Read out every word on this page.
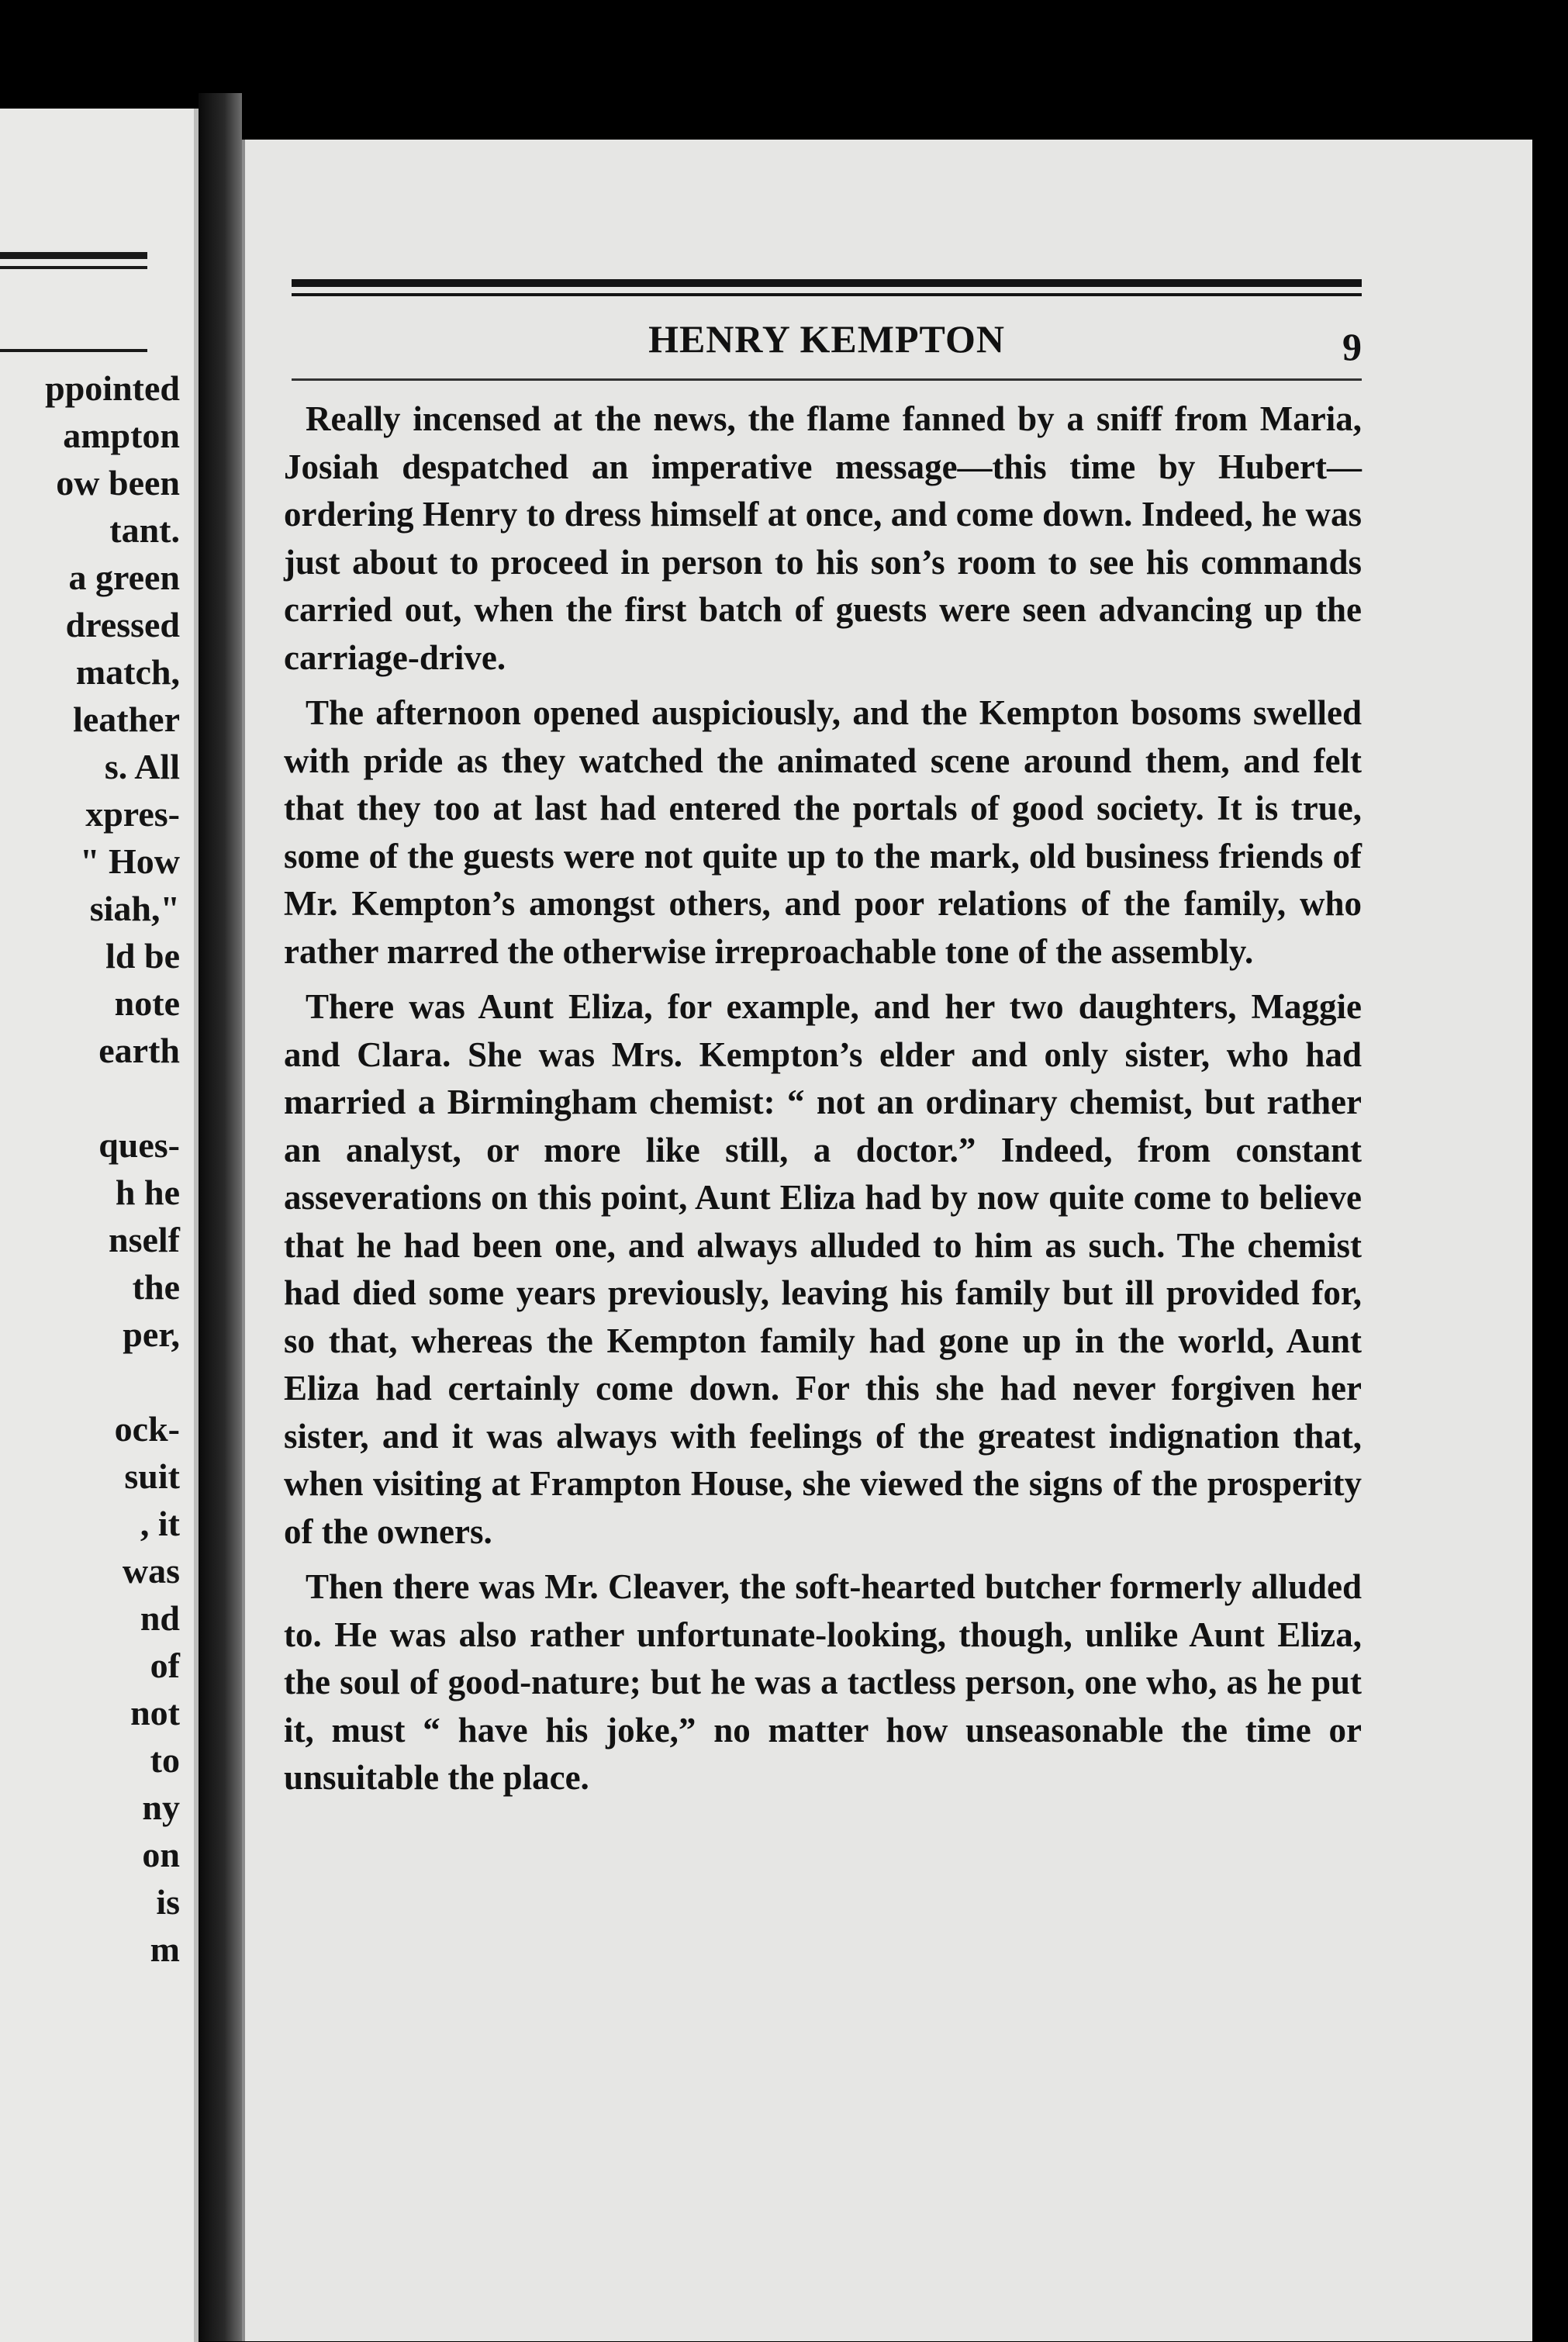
ppointed
ampton
ow been
tant.
a green
dressed
match,
leather
s. All
xpres-
" How
siah,"
ld be
note
earth
ques-
h he
nself
the
per,
ock-
suit
, it
was
nd
of
not
to
ny
on
is
m
HENRY KEMPTON	9

Really incensed at the news, the flame fanned by a sniff from Maria, Josiah despatched an imperative message—this time by Hubert—ordering Henry to dress himself at once, and come down. Indeed, he was just about to proceed in person to his son’s room to see his commands carried out, when the first batch of guests were seen advancing up the carriage-drive.

The afternoon opened auspiciously, and the Kempton bosoms swelled with pride as they watched the animated scene around them, and felt that they too at last had entered the portals of good society. It is true, some of the guests were not quite up to the mark, old business friends of Mr. Kempton’s amongst others, and poor relations of the family, who rather marred the otherwise irreproachable tone of the assembly.

There was Aunt Eliza, for example, and her two daughters, Maggie and Clara. She was Mrs. Kempton’s elder and only sister, who had married a Birmingham chemist: “ not an ordinary chemist, but rather an analyst, or more like still, a doctor.” Indeed, from constant asseverations on this point, Aunt Eliza had by now quite come to believe that he had been one, and always alluded to him as such. The chemist had died some years previously, leaving his family but ill provided for, so that, whereas the Kempton family had gone up in the world, Aunt Eliza had certainly come down. For this she had never forgiven her sister, and it was always with feelings of the greatest indignation that, when visiting at Frampton House, she viewed the signs of the prosperity of the owners.

Then there was Mr. Cleaver, the soft-hearted butcher formerly alluded to. He was also rather unfortunate-looking, though, unlike Aunt Eliza, the soul of good-nature; but he was a tactless person, one who, as he put it, must “ have his joke,” no matter how unseasonable the time or unsuitable the place.
